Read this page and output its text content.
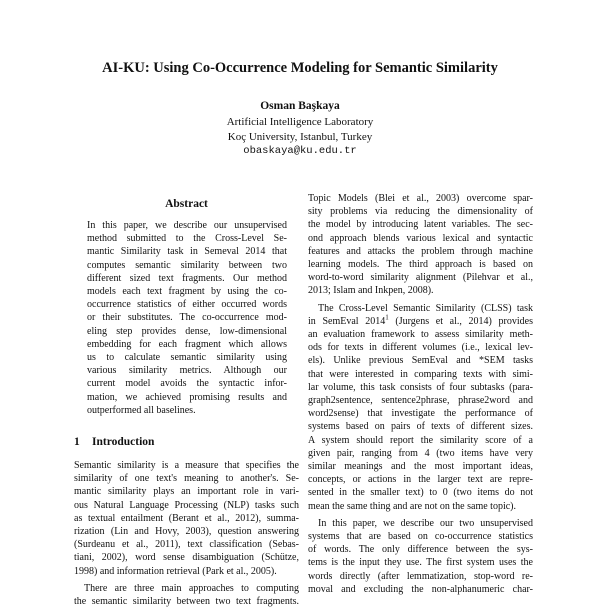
AI-KU: Using Co-Occurrence Modeling for Semantic Similarity
Osman Başkaya
Artificial Intelligence Laboratory
Koç University, Istanbul, Turkey
obaskaya@ku.edu.tr
Abstract
In this paper, we describe our unsupervised
method submitted to the Cross-Level Se-
mantic Similarity task in Semeval 2014 that
computes semantic similarity between two
different sized text fragments. Our method
models each text fragment by using the co-
occurrence statistics of either occurred words
or their substitutes. The co-occurrence mod-
eling step provides dense, low-dimensional
embedding for each fragment which allows
us to calculate semantic similarity using
various similarity metrics. Although our
current model avoids the syntactic infor-
mation, we achieved promising results and
outperformed all baselines.
1 Introduction
Semantic similarity is a measure that specifies the
similarity of one text's meaning to another's. Se-
mantic similarity plays an important role in vari-
ous Natural Language Processing (NLP) tasks such
as textual entailment (Berant et al., 2012), summa-
rization (Lin and Hovy, 2003), question answering
(Surdeanu et al., 2011), text classification (Sebas-
tiani, 2002), word sense disambiguation (Schütze,
1998) and information retrieval (Park et al., 2005).
There are three main approaches to computing
the semantic similarity between two text fragments.
Topic Models (Blei et al., 2003) overcome spar-
sity problems via reducing the dimensionality of
the model by introducing latent variables. The sec-
ond approach blends various lexical and syntactic
features and attacks the problem through machine
learning models. The third approach is based on
word-to-word similarity alignment (Pilehvar et al.,
2013; Islam and Inkpen, 2008).
The Cross-Level Semantic Similarity (CLSS) task
in SemEval 2014$^1$ (Jurgens et al., 2014) provides
an evaluation framework to assess similarity meth-
ods for texts in different volumes (i.e., lexical lev-
els). Unlike previous SemEval and *SEM tasks
that were interested in comparing texts with simi-
lar volume, this task consists of four subtasks (para-
graph2sentence, sentence2phrase, phrase2word and
word2sense) that investigate the performance of
systems based on pairs of texts of different sizes.
A system should report the similarity score of a
given pair, ranging from 4 (two items have very
similar meanings and the most important ideas,
concepts, or actions in the larger text are repre-
sented in the smaller text) to 0 (two items do not
mean the same thing and are not on the same topic).
In this paper, we describe our two unsupervised
systems that are based on co-occurrence statistics
of words. The only difference between the sys-
tems is the input they use. The first system uses the
words directly (after lemmatization, stop-word re-
moval and excluding the non-alphanumeric char-
